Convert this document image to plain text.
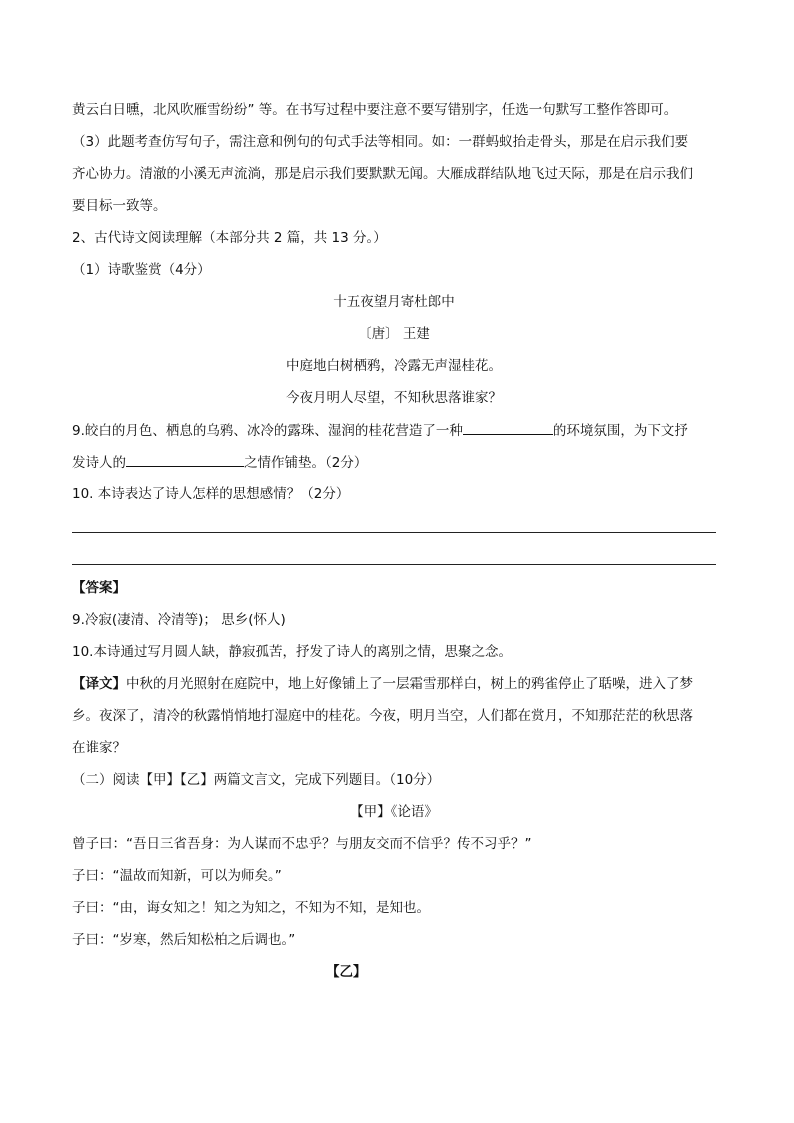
黄云白日曛，北风吹雁雪纷纷” 等。在书写过程中要注意不要写错别字，任选一句默写工整作答即可。
（3）此题考查仿写句子，需注意和例句的句式手法等相同。如：一群蚂蚁抬走骨头，那是在启示我们要
齐心协力。清澈的小溪无声流淌，那是启示我们要默默无闻。大雁成群结队地飞过天际，那是在启示我们
要目标一致等。
2、古代诗文阅读理解（本部分共 2 篇，共 13 分。）
（1）诗歌鉴赏（4分）
十五夜望月寄杜郎中
〔唐〕 王建
中庭地白树栖鸦，冷露无声湿桂花。
今夜月明人尽望，不知秋思落谁家？
9.皎白的月色、栖息的乌鸦、冰冷的露珠、湿润的桂花营造了一种	的环境氛围，为下文抒
发诗人的	之情作铺垫。（2分）
10. 本诗表达了诗人怎样的思想感情？（2分）
【答案】
9.冷寂(凄清、冷清等)； 思乡(怀人)
10.本诗通过写月圆人缺，静寂孤苦，抒发了诗人的离别之情，思聚之念。
【译文】中秋的月光照射在庭院中，地上好像铺上了一层霜雪那样白，树上的鸦雀停止了聒噪，进入了梦
乡。夜深了，清冷的秋露悄悄地打湿庭中的桂花。今夜，明月当空，人们都在赏月，不知那茫茫的秋思落
在谁家？
（二）阅读【甲】【乙】两篇文言文，完成下列题目。（10分）
【甲】《论语》
曾子曰：“吾日三省吾身：为人谋而不忠乎？与朋友交而不信乎？传不习乎？”
子曰：“温故而知新，可以为师矣。”
子曰：“由，诲女知之！知之为知之，不知为不知，是知也。
子曰：“岁寒，然后知松柏之后调也。”
【乙】
